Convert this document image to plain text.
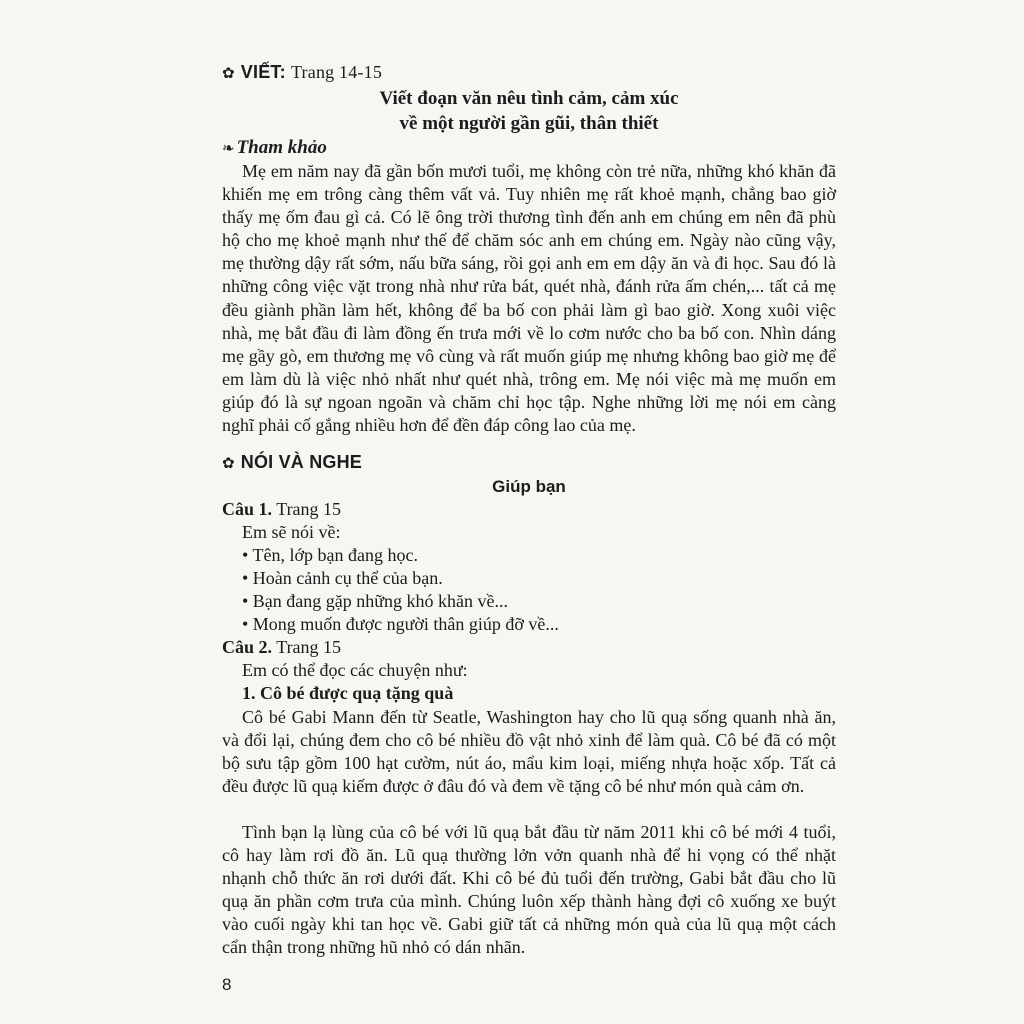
✿ VIẾT: Trang 14-15
Viết đoạn văn nêu tình cảm, cảm xúc
về một người gần gũi, thân thiết
❧ Tham khảo

Mẹ em năm nay đã gần bốn mươi tuổi, mẹ không còn trẻ nữa, những khó khăn đã khiến mẹ em trông càng thêm vất vả. Tuy nhiên mẹ rất khoẻ mạnh, chẳng bao giờ thấy mẹ ốm đau gì cả. Có lẽ ông trời thương tình đến anh em chúng em nên đã phù hộ cho mẹ khoẻ mạnh như thế để chăm sóc anh em chúng em. Ngày nào cũng vậy, mẹ thường dậy rất sớm, nấu bữa sáng, rồi gọi anh em em dậy ăn và đi học. Sau đó là những công việc vặt trong nhà như rửa bát, quét nhà, đánh rửa ấm chén,... tất cả mẹ đều giành phần làm hết, không để ba bố con phải làm gì bao giờ. Xong xuôi việc nhà, mẹ bắt đầu đi làm đồng ến trưa mới về lo cơm nước cho ba bố con. Nhìn dáng mẹ gầy gò, em thương mẹ vô cùng và rất muốn giúp mẹ nhưng không bao giờ mẹ để em làm dù là việc nhỏ nhất như quét nhà, trông em. Mẹ nói việc mà mẹ muốn em giúp đó là sự ngoan ngoãn và chăm chỉ học tập. Nghe những lời mẹ nói em càng nghĩ phải cố gắng nhiều hơn để đền đáp công lao của mẹ.

✿ NÓI VÀ NGHE
Giúp bạn
Câu 1. Trang 15
Em sẽ nói về:
• Tên, lớp bạn đang học.
• Hoàn cảnh cụ thể của bạn.
• Bạn đang gặp những khó khăn về...
• Mong muốn được người thân giúp đỡ về...
Câu 2. Trang 15
Em có thể đọc các chuyện như:
1. Cô bé được quạ tặng quà

Cô bé Gabi Mann đến từ Seatle, Washington hay cho lũ quạ sống quanh nhà ăn, và đổi lại, chúng đem cho cô bé nhiều đồ vật nhỏ xinh để làm quà. Cô bé đã có một bộ sưu tập gồm 100 hạt cườm, nút áo, mẩu kim loại, miếng nhựa hoặc xốp. Tất cả đều được lũ quạ kiếm được ở đâu đó và đem về tặng cô bé như món quà cảm ơn.

Tình bạn lạ lùng của cô bé với lũ quạ bắt đầu từ năm 2011 khi cô bé mới 4 tuổi, cô hay làm rơi đồ ăn. Lũ quạ thường lởn vởn quanh nhà để hi vọng có thể nhặt nhạnh chỗ thức ăn rơi dưới đất. Khi cô bé đủ tuổi đến trường, Gabi bắt đầu cho lũ quạ ăn phần cơm trưa của mình. Chúng luôn xếp thành hàng đợi cô xuống xe buýt vào cuối ngày khi tan học về. Gabi giữ tất cả những món quà của lũ quạ một cách cẩn thận trong những hũ nhỏ có dán nhãn.

8
